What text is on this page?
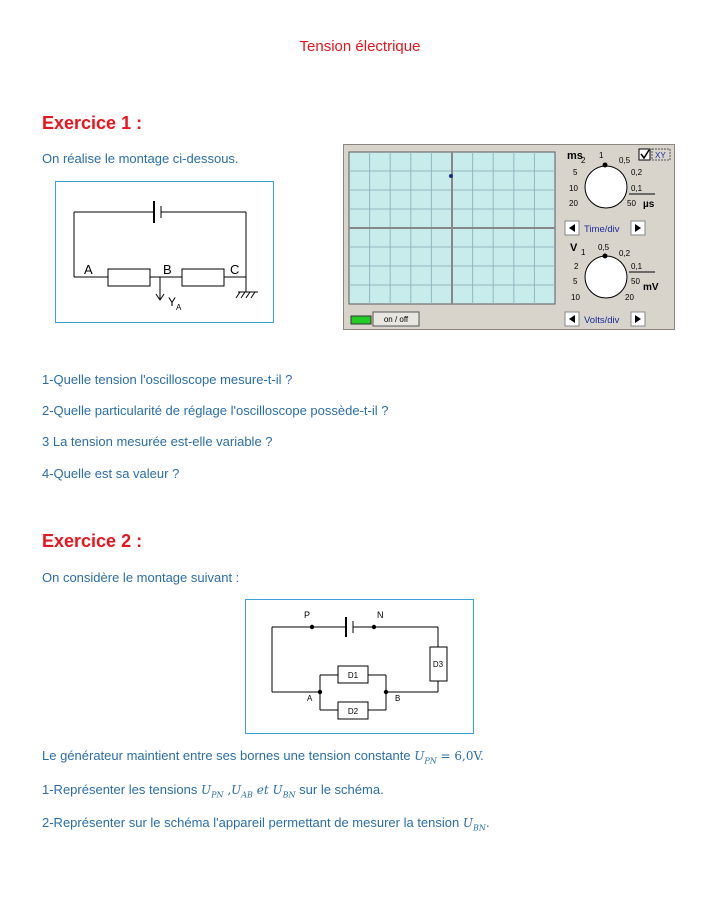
Tension électrique
Exercice 1 :
On réalise le montage ci-dessous.
A	B	C
Y A
on / off
ms
2
1
0,5
5	0,2
10	0,1
20	50 µs
XY
Time/div
V 1
0,5
0,2
2	0,1
5	50
10	20
mV
Volts/div
1-Quelle tension l'oscilloscope mesure-t-il ?
2-Quelle particularité de réglage l'oscilloscope possède-t-il ?
3 La tension mesurée est-elle variable ?
4-Quelle est sa valeur ?
Exercice 2 :
On considère le montage suivant :
P	N
A	B
D1
D2
D3
Le générateur maintient entre ses bornes une tension constante $U_{PN} = 6,0V$.
1-Représenter les tensions $U_{PN}$ $,U_{AB}$ et $U_{BN}$ sur le schéma.
2-Représenter sur le schéma l'appareil permettant de mesurer la tension $U_{BN}$.
